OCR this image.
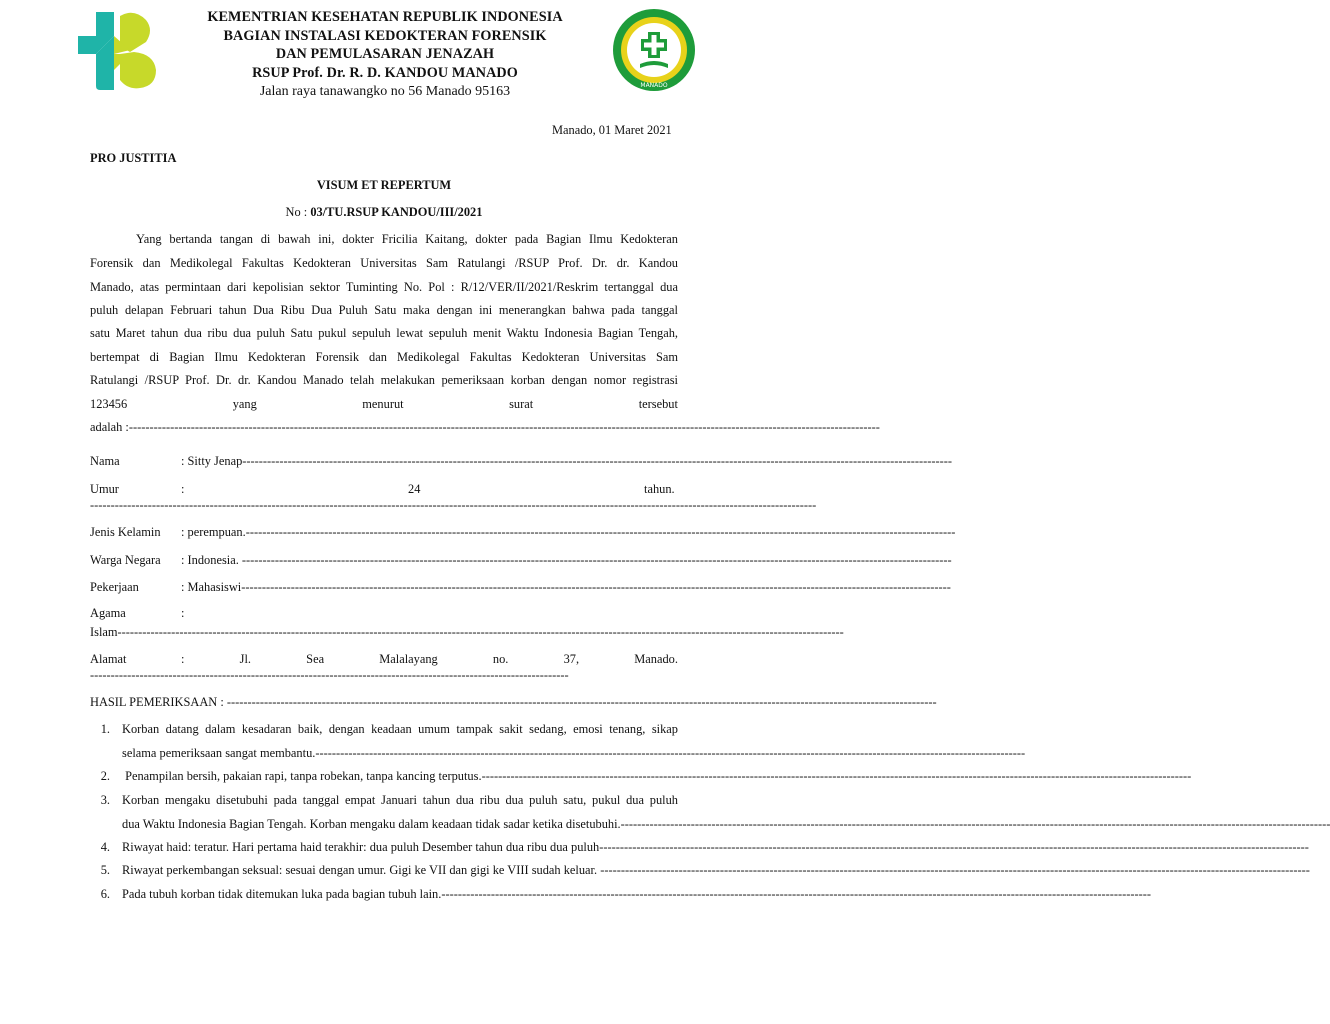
KEMENTRIAN KESEHATAN REPUBLIK INDONESIA
BAGIAN INSTALASI KEDOKTERAN FORENSIK
DAN PEMULASARAN JENAZAH
RSUP Prof. Dr. R. D. KANDOU MANADO
Jalan raya tanawangko no 56 Manado 95163	MANADO
Manado, 01 Maret 2021
PRO JUSTITIA
VISUM ET REPERTUM
No : 03/TU.RSUP KANDOU/III/2021
Yang bertanda tangan di bawah ini, dokter Fricilia Kaitang, dokter pada Bagian Ilmu Kedokteran
Forensik dan Medikolegal Fakultas Kedokteran Universitas Sam Ratulangi /RSUP Prof. Dr. dr. Kandou
Manado, atas permintaan dari kepolisian sektor Tuminting No. Pol : R/12/VER/II/2021/Reskrim tertanggal dua
puluh delapan Februari tahun Dua Ribu Dua Puluh Satu maka dengan ini menerangkan bahwa pada tanggal
satu Maret tahun dua ribu dua puluh Satu pukul sepuluh lewat sepuluh menit Waktu Indonesia Bagian Tengah,
bertempat di Bagian Ilmu Kedokteran Forensik dan Medikolegal Fakultas Kedokteran Universitas Sam
Ratulangi /RSUP Prof. Dr. dr. Kandou Manado telah melakukan pemeriksaan korban dengan nomor registrasi
123456	yang	menurut	surat	tersebut
adalah :--------------------------------------------------------------------------------------------------------------------------------------------------------------------------------------
Nama	: Sitty Jenap----------------------------------------------------------------------------------------------------------------------------------------------------------------------------
Umur	:	24	tahun.
--------------------------------------------------------------------------------------------------------------------------------------------------------------------------------
Jenis Kelamin : perempuan.----------------------------------------------------------------------------------------------------------------------------------------------------------------------------
Warga Negara : Indonesia. ----------------------------------------------------------------------------------------------------------------------------------------------------------------------------
Pekerjaan	: Mahasiswi----------------------------------------------------------------------------------------------------------------------------------------------------------------------------
Agama	:
Islam--------------------------------------------------------------------------------------------------------------------------------------------------------------------------------
Alamat	:	Jl.	Sea	Malalayang	no.	37,	Manado.
--------------------------------------------------------------------------------------------------------------------
HASIL PEMERIKSAAN : ----------------------------------------------------------------------------------------------------------------------------------------------------------------------------
1. Korban datang dalam kesadaran baik, dengan keadaan umum tampak sakit sedang, emosi tenang, sikap
selama pemeriksaan sangat membantu.----------------------------------------------------------------------------------------------------------------------------------------------------------------------------
2. Penampilan bersih, pakaian rapi, tanpa robekan, tanpa kancing terputus.----------------------------------------------------------------------------------------------------------------------------------------------------------------------------
3. Korban mengaku disetubuhi pada tanggal empat Januari tahun dua ribu dua puluh satu, pukul dua puluh
dua Waktu Indonesia Bagian Tengah. Korban mengaku dalam keadaan tidak sadar ketika disetubuhi.----------------------------------------------------------------------------------------------------------------------------------------------------------------------------
4. Riwayat haid: teratur. Hari pertama haid terakhir: dua puluh Desember tahun dua ribu dua puluh----------------------------------------------------------------------------------------------------------------------------------------------------------------------------
5. Riwayat perkembangan seksual: sesuai dengan umur. Gigi ke VII dan gigi ke VIII sudah keluar. ----------------------------------------------------------------------------------------------------------------------------------------------------------------------------
6. Pada tubuh korban tidak ditemukan luka pada bagian tubuh lain.----------------------------------------------------------------------------------------------------------------------------------------------------------------------------
